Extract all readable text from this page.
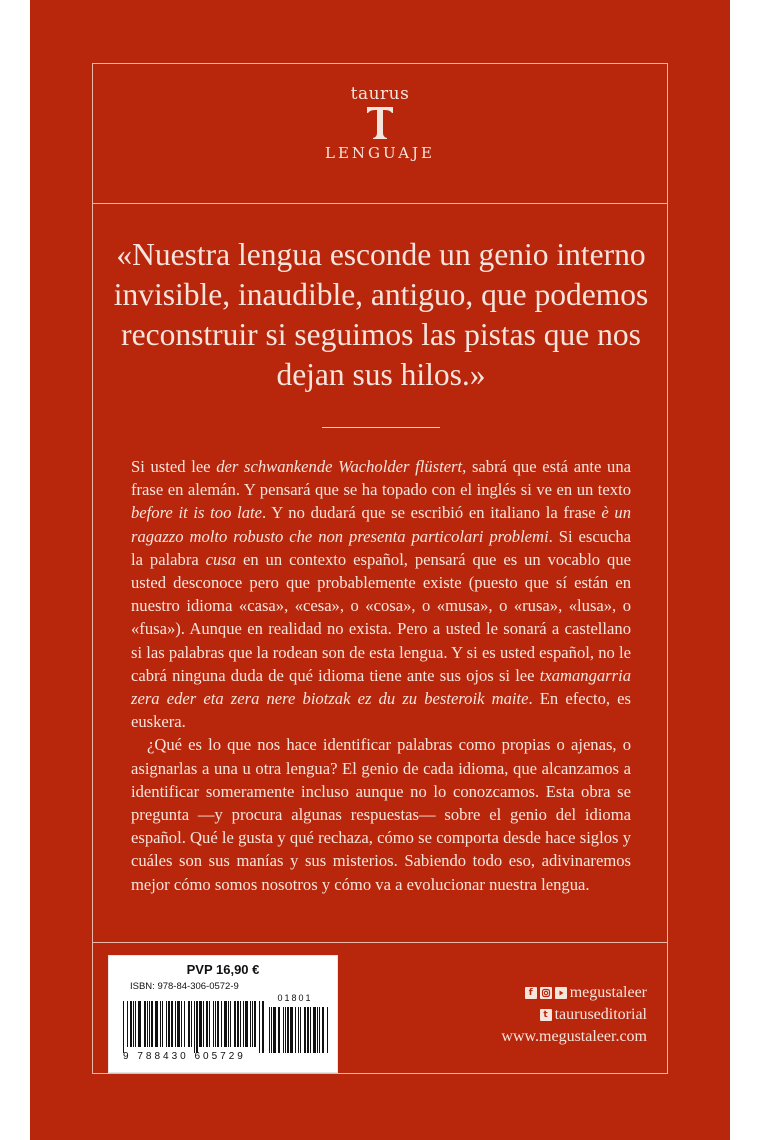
taurus
LENGUAJE
«Nuestra lengua esconde un genio interno invisible, inaudible, antiguo, que podemos reconstruir si seguimos las pistas que nos dejan sus hilos.»

Si usted lee der schwankende Wacholder flüstert, sabrá que está ante una frase en alemán. Y pensará que se ha topado con el inglés si ve en un texto before it is too late. Y no dudará que se escribió en italiano la frase è un ragazzo molto robusto che non presenta particolari problemi. Si escucha la palabra cusa en un contexto español, pensará que es un vocablo que usted desconoce pero que probablemente existe (puesto que sí están en nuestro idioma «casa», «cesa», o «cosa», o «musa», o «rusa», «lusa», o «fusa»). Aunque en realidad no exista. Pero a usted le sonará a castellano si las palabras que la rodean son de esta lengua. Y si es usted español, no le cabrá ninguna duda de qué idioma tiene ante sus ojos si lee txamangarria zera eder eta zera nere biotzak ez du zu besteroik maite. En efecto, es euskera.

¿Qué es lo que nos hace identificar palabras como propias o ajenas, o asignarlas a una u otra lengua? El genio de cada idioma, que alcanzamos a identificar someramente incluso aunque no lo conozcamos. Esta obra se pregunta —y procura algunas respuestas— sobre el genio del idioma español. Qué le gusta y qué rechaza, cómo se comporta desde hace siglos y cuáles son sus manías y sus misterios. Sabiendo todo eso, adivinaremos mejor cómo somos nosotros y cómo va a evolucionar nuestra lengua.

PVP 16,90 €
ISBN: 978-84-306-0572-9
01801
9 788430 605729
f megustaleer
t tauruseditorial
www.megustaleer.com
